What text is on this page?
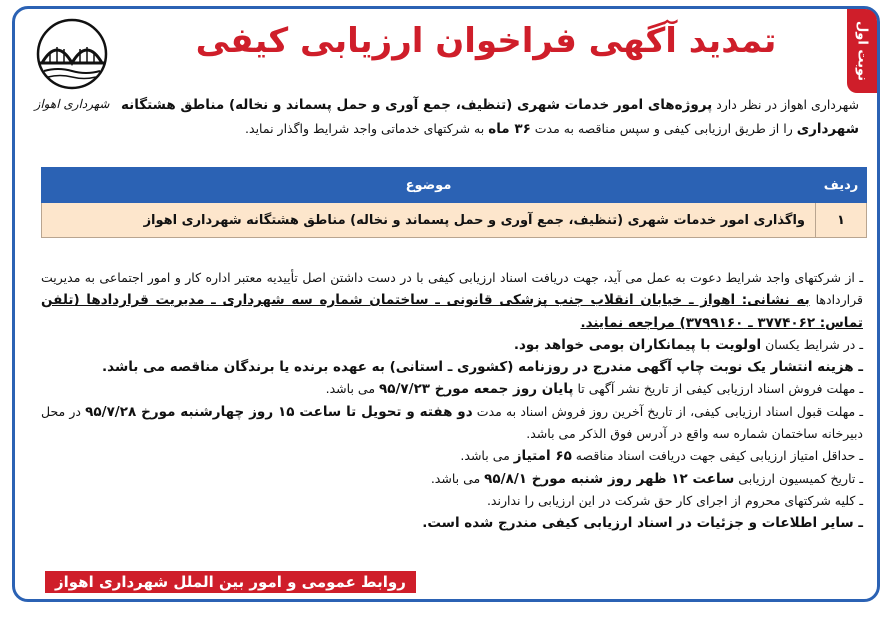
نوبت اول
شهرداری اهواز
تمدید آگهی فراخوان ارزیابی کیفی
شهرداری اهواز در نظر دارد پروژه‌های امور خدمات شهری (تنظیف، جمع آوری و حمل پسماند و نخاله) مناطق هشتگانه شهرداری را از طریق ارزیابی کیفی و سپس مناقصه به مدت ۳۶ ماه به شرکتهای خدماتی واجد شرایط واگذار نماید.
ردیف	موضوع
۱	واگذاری امور خدمات شهری (تنظیف، جمع آوری و حمل پسماند و نخاله) مناطق هشتگانه شهرداری اهواز

ـ از شرکتهای واجد شرایط دعوت به عمل می آید، جهت دریافت اسناد ارزیابی کیفی با در دست داشتن اصل تأییدیه معتبر اداره کار و امور اجتماعی به مدیریت قراردادها به نشانی: اهواز ـ خیابان انقلاب جنب پزشکی قانونی ـ ساختمان شماره سه شهرداری ـ مدیریت قراردادها (تلفن تماس: ۳۷۷۴۰۶۲ ـ ۳۷۹۹۱۶۰) مراجعه نمایند.

ـ در شرایط یکسان اولویت با پیمانکاران بومی خواهد بود.

ـ هزینه انتشار یک نوبت چاپ آگهی مندرج در روزنامه (کشوری ـ استانی) به عهده برنده یا برندگان مناقصه می باشد.

ـ مهلت فروش اسناد ارزیابی کیفی از تاریخ نشر آگهی تا پایان روز جمعه مورخ ۹۵/۷/۲۳ می باشد.

ـ مهلت قبول اسناد ارزیابی کیفی، از تاریخ آخرین روز فروش اسناد به مدت دو هفته و تحویل تا ساعت ۱۵ روز چهارشنبه مورخ ۹۵/۷/۲۸ در محل دبیرخانه ساختمان شماره سه واقع در آدرس فوق الذکر می باشد.

ـ حداقل امتیاز ارزیابی کیفی جهت دریافت اسناد مناقصه ۶۵ امتیاز می باشد.

ـ تاریخ کمیسیون ارزیابی ساعت ۱۲ ظهر روز شنبه مورخ ۹۵/۸/۱ می باشد.

ـ کلیه شرکتهای محروم از اجرای کار حق شرکت در این ارزیابی را ندارند.

ـ سایر اطلاعات و جزئیات در اسناد ارزیابی کیفی مندرج شده است.

روابط عمومی و امور بین الملل شهرداری اهواز
